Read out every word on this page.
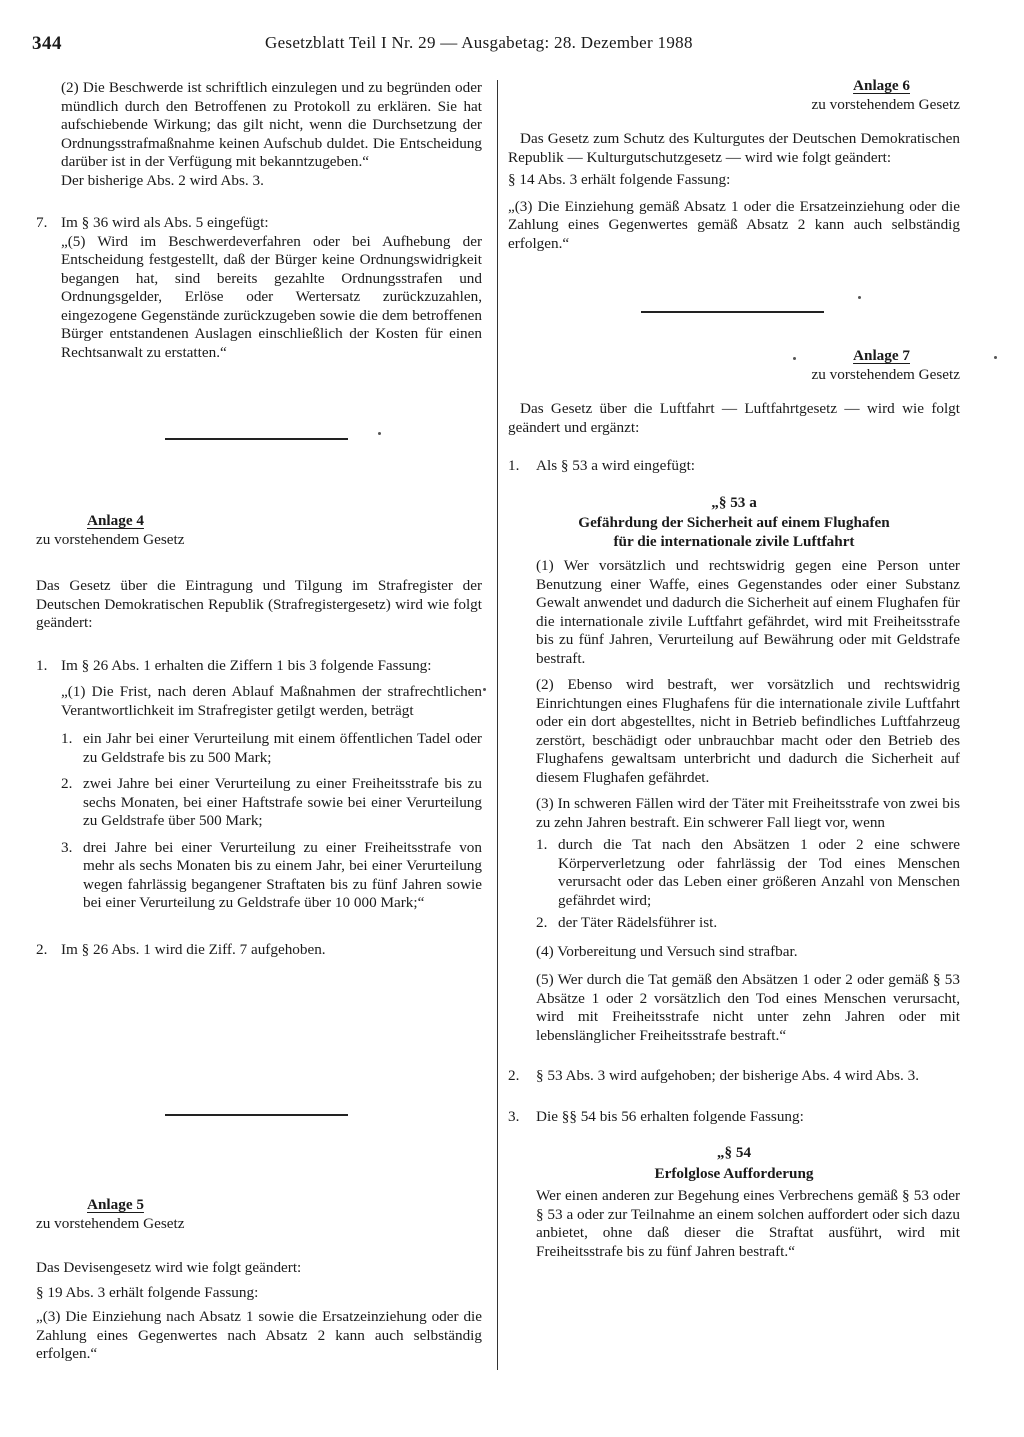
344	Gesetzblatt Teil I Nr. 29 — Ausgabetag: 28. Dezember 1988

(2) Die Beschwerde ist schriftlich einzulegen und zu begründen oder mündlich durch den Betroffenen zu Protokoll zu erklären. Sie hat aufschiebende Wirkung; das gilt nicht, wenn die Durchsetzung der Ordnungsstrafmaßnahme keinen Aufschub duldet. Die Entscheidung darüber ist in der Verfügung mit bekanntzugeben.“

Der bisherige Abs. 2 wird Abs. 3.

7. Im § 36 wird als Abs. 5 eingefügt:

„(5) Wird im Beschwerdeverfahren oder bei Aufhebung der Entscheidung festgestellt, daß der Bürger keine Ordnungswidrigkeit begangen hat, sind bereits gezahlte Ordnungsstrafen und Ordnungsgelder, Erlöse oder Wertersatz zurückzuzahlen, eingezogene Gegenstände zurückzugeben sowie die dem betroffenen Bürger entstandenen Auslagen einschließlich der Kosten für einen Rechtsanwalt zu erstatten.“

Anlage 4

zu vorstehendem Gesetz

Das Gesetz über die Eintragung und Tilgung im Strafregister der Deutschen Demokratischen Republik (Strafregistergesetz) wird wie folgt geändert:

1. Im § 26 Abs. 1 erhalten die Ziffern 1 bis 3 folgende Fassung:

„(1) Die Frist, nach deren Ablauf Maßnahmen der strafrechtlichen Verantwortlichkeit im Strafregister getilgt werden, beträgt

1. ein Jahr bei einer Verurteilung mit einem öffentlichen Tadel oder zu Geldstrafe bis zu 500 Mark;

2. zwei Jahre bei einer Verurteilung zu einer Freiheitsstrafe bis zu sechs Monaten, bei einer Haftstrafe sowie bei einer Verurteilung zu Geldstrafe über 500 Mark;

3. drei Jahre bei einer Verurteilung zu einer Freiheitsstrafe von mehr als sechs Monaten bis zu einem Jahr, bei einer Verurteilung wegen fahrlässig begangener Straftaten bis zu fünf Jahren sowie bei einer Verurteilung zu Geldstrafe über 10 000 Mark;“

2. Im § 26 Abs. 1 wird die Ziff. 7 aufgehoben.

Anlage 5

zu vorstehendem Gesetz

Das Devisengesetz wird wie folgt geändert:

§ 19 Abs. 3 erhält folgende Fassung:

„(3) Die Einziehung nach Absatz 1 sowie die Ersatzeinziehung oder die Zahlung eines Gegenwertes nach Absatz 2 kann auch selbständig erfolgen.“

Anlage 6

zu vorstehendem Gesetz

Das Gesetz zum Schutz des Kulturgutes der Deutschen Demokratischen Republik — Kulturgutschutzgesetz — wird wie folgt geändert:

§ 14 Abs. 3 erhält folgende Fassung:

„(3) Die Einziehung gemäß Absatz 1 oder die Ersatzeinziehung oder die Zahlung eines Gegenwertes gemäß Absatz 2 kann auch selbständig erfolgen.“

Anlage 7

zu vorstehendem Gesetz

Das Gesetz über die Luftfahrt — Luftfahrtgesetz — wird wie folgt geändert und ergänzt:

1. Als § 53 a wird eingefügt:

„§ 53 a

Gefährdung der Sicherheit auf einem Flughafen

für die internationale zivile Luftfahrt

(1) Wer vorsätzlich und rechtswidrig gegen eine Person unter Benutzung einer Waffe, eines Gegenstandes oder einer Substanz Gewalt anwendet und dadurch die Sicherheit auf einem Flughafen für die internationale zivile Luftfahrt gefährdet, wird mit Freiheitsstrafe bis zu fünf Jahren, Verurteilung auf Bewährung oder mit Geldstrafe bestraft.

(2) Ebenso wird bestraft, wer vorsätzlich und rechtswidrig Einrichtungen eines Flughafens für die internationale zivile Luftfahrt oder ein dort abgestelltes, nicht in Betrieb befindliches Luftfahrzeug zerstört, beschädigt oder unbrauchbar macht oder den Betrieb des Flughafens gewaltsam unterbricht und dadurch die Sicherheit auf diesem Flughafen gefährdet.

(3) In schweren Fällen wird der Täter mit Freiheitsstrafe von zwei bis zu zehn Jahren bestraft. Ein schwerer Fall liegt vor, wenn

1. durch die Tat nach den Absätzen 1 oder 2 eine schwere Körperverletzung oder fahrlässig der Tod eines Menschen verursacht oder das Leben einer größeren Anzahl von Menschen gefährdet wird;

2. der Täter Rädelsführer ist.

(4) Vorbereitung und Versuch sind strafbar.

(5) Wer durch die Tat gemäß den Absätzen 1 oder 2 oder gemäß § 53 Absätze 1 oder 2 vorsätzlich den Tod eines Menschen verursacht, wird mit Freiheitsstrafe nicht unter zehn Jahren oder mit lebenslänglicher Freiheitsstrafe bestraft.“

2. § 53 Abs. 3 wird aufgehoben; der bisherige Abs. 4 wird Abs. 3.

3. Die §§ 54 bis 56 erhalten folgende Fassung:

„§ 54

Erfolglose Aufforderung

Wer einen anderen zur Begehung eines Verbrechens gemäß § 53 oder § 53 a oder zur Teilnahme an einem solchen auffordert oder sich dazu anbietet, ohne daß dieser die Straftat ausführt, wird mit Freiheitsstrafe bis zu fünf Jahren bestraft.“
